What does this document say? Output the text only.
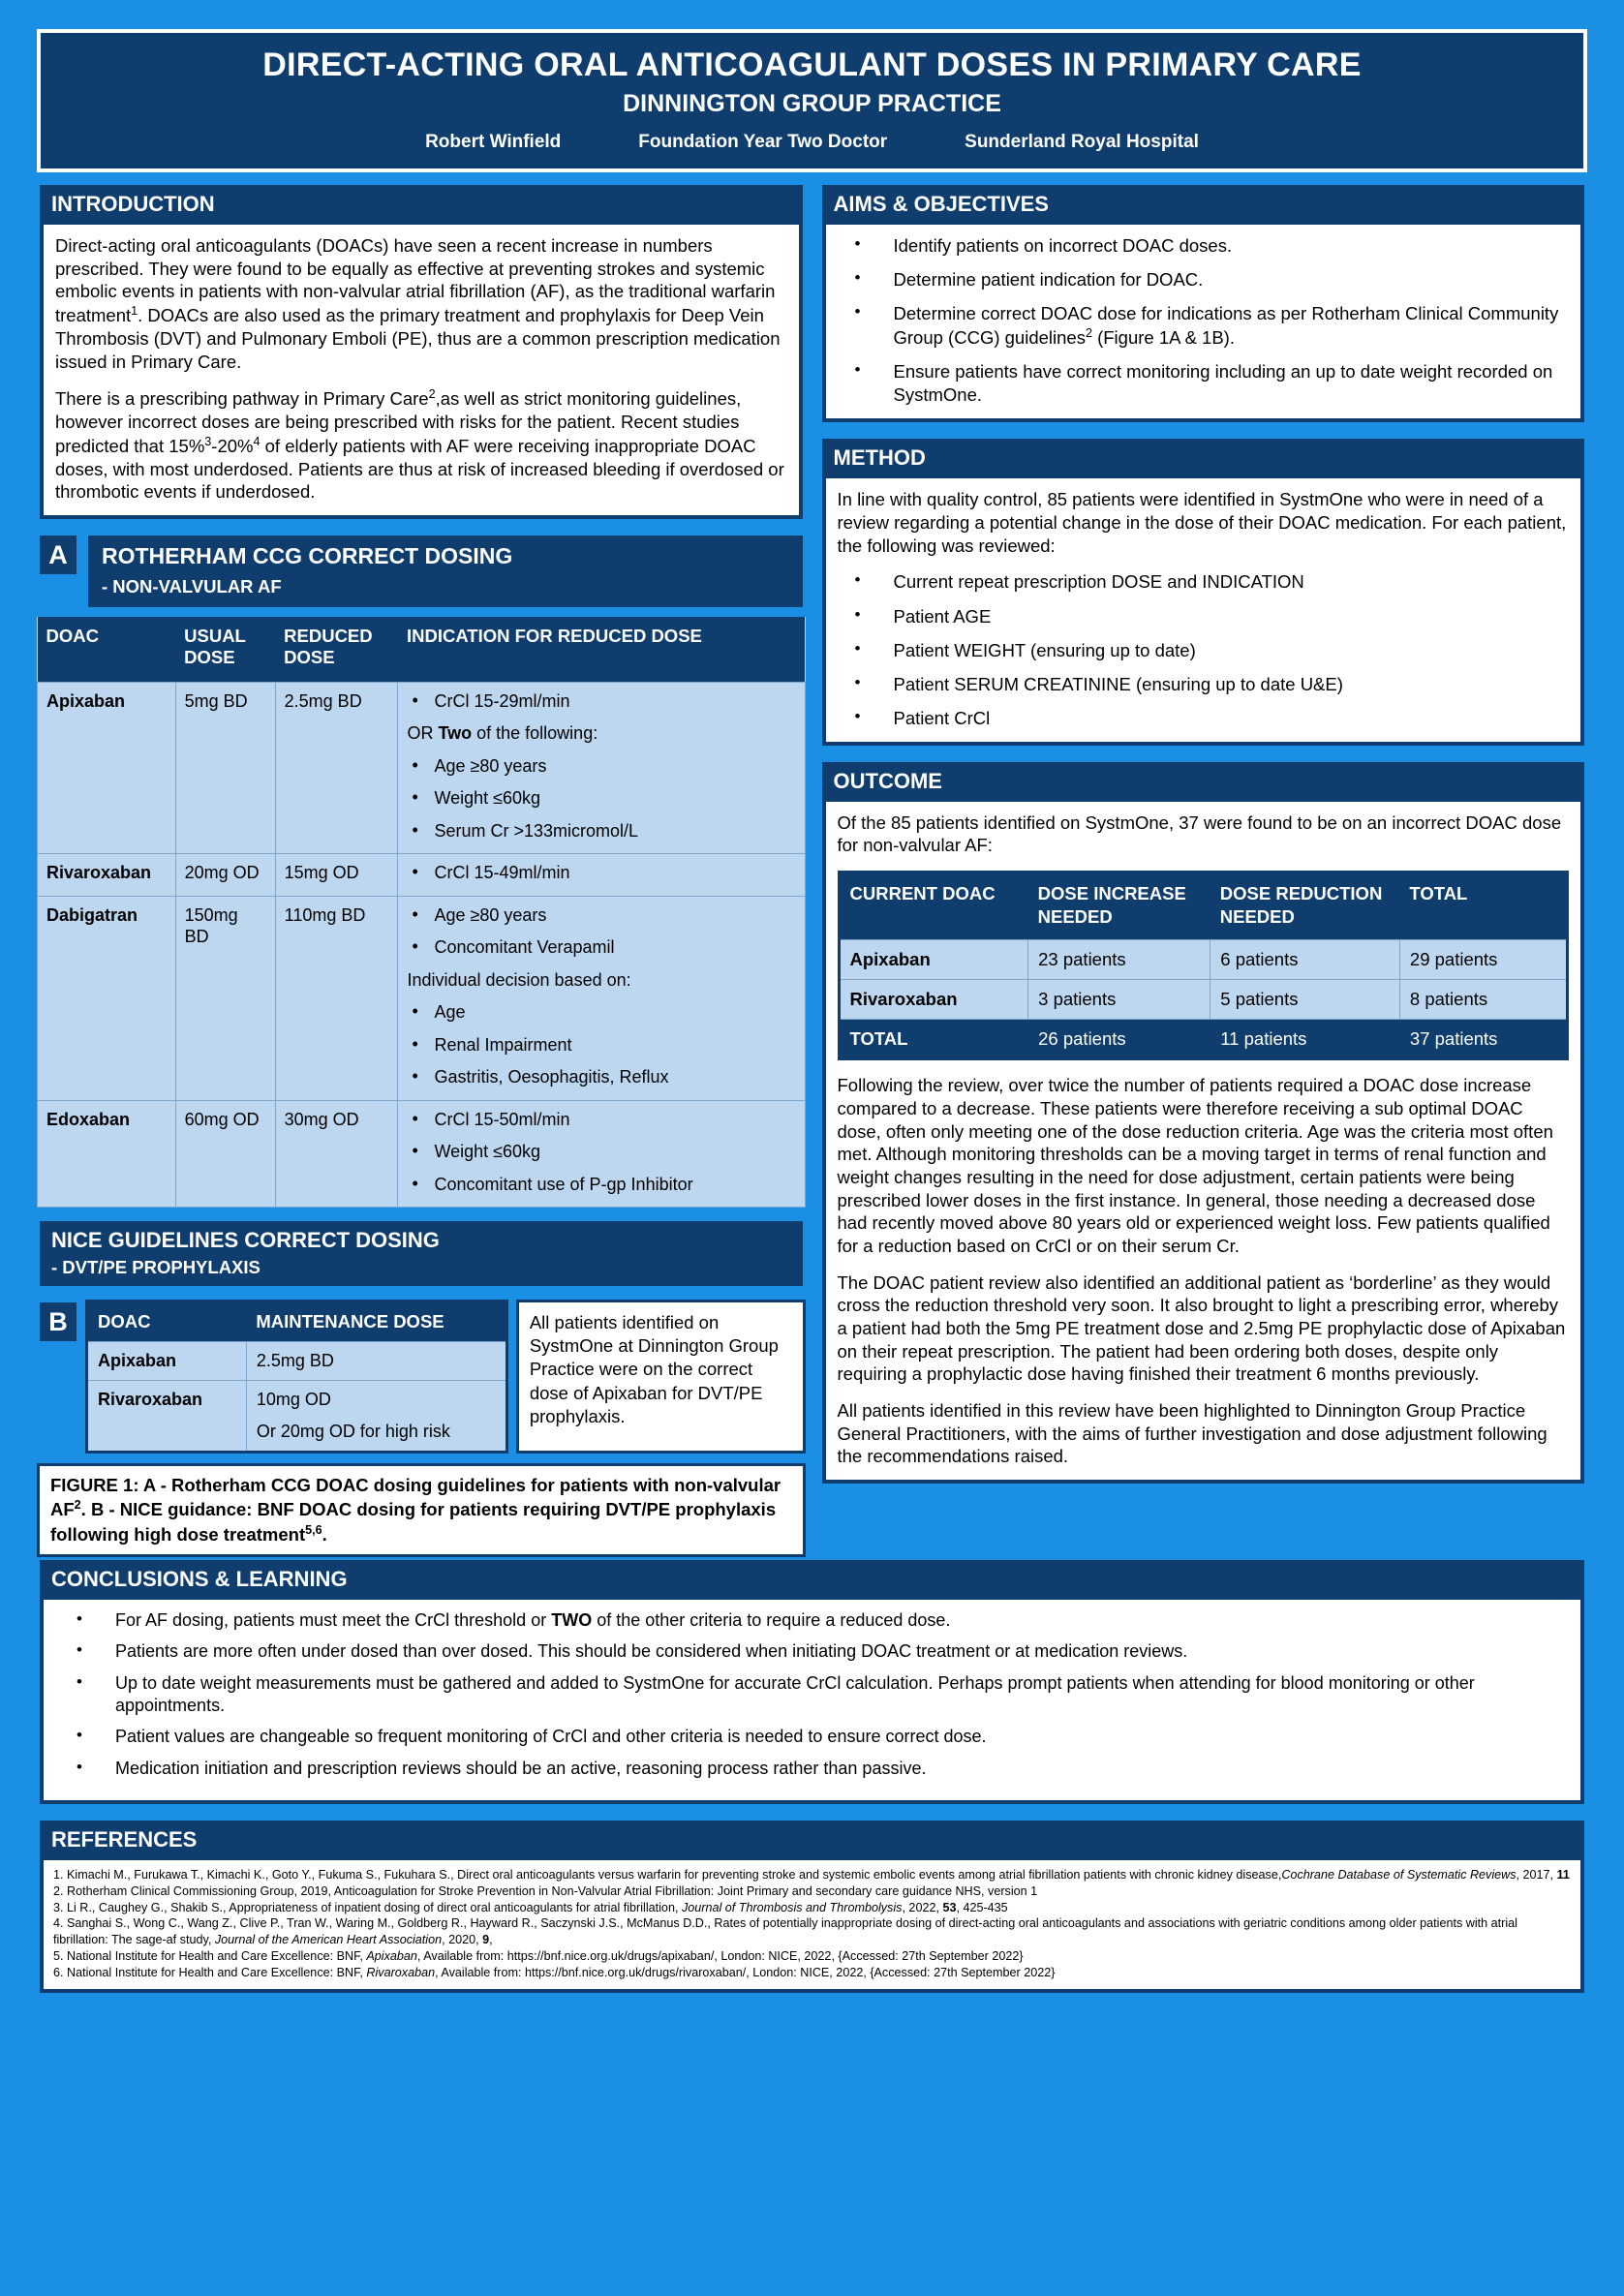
DIRECT-ACTING ORAL ANTICOAGULANT DOSES IN PRIMARY CARE
DINNINGTON GROUP PRACTICE
Robert Winfield	Foundation Year Two Doctor	Sunderland Royal Hospital
INTRODUCTION

Direct-acting oral anticoagulants (DOACs) have seen a recent increase in numbers prescribed. They were found to be equally as effective at preventing strokes and systemic embolic events in patients with non-valvular atrial fibrillation (AF), as the traditional warfarin treatment$^1$. DOACs are also used as the primary treatment and prophylaxis for Deep Vein Thrombosis (DVT) and Pulmonary Emboli (PE), thus are a common prescription medication issued in Primary Care.

There is a prescribing pathway in Primary Care$^2$,as well as strict monitoring guidelines, however incorrect doses are being prescribed with risks for the patient. Recent studies predicted that 15%$^3$-20%$^4$ of elderly patients with AF were receiving inappropriate DOAC doses, with most underdosed. Patients are thus at risk of increased bleeding if overdosed or thrombotic events if underdosed.

A	ROTHERHAM CCG CORRECT DOSING
- NON-VALVULAR AF
DOAC	USUAL DOSE	REDUCED DOSE	INDICATION FOR REDUCED DOSE
Apixaban	5mg BD	2.5mg BD	
•CrCl 15-29ml/min
OR Two of the following:
• Age ≥80 years
• Weight ≤60kg
• Serum Cr >133micromol/L

Rivaroxaban	20mg OD	15mg OD	
•CrCl 15-49ml/min

Dabigatran	150mg BD	110mg BD	
•Age ≥80 years
• Concomitant Verapamil
Individual decision based on:
• Age
• Renal Impairment
• Gastritis, Oesophagitis, Reflux

Edoxaban	60mg OD	30mg OD	
•CrCl 15-50ml/min
• Weight ≤60kg
• Concomitant use of P-gp Inhibitor
NICE GUIDELINES CORRECT DOSING
- DVT/PE PROPHYLAXIS
B	DOAC	MAINTENANCE DOSE
Apixaban	2.5mg BD

Rivaroxaban	10mg OD
Or 20mg OD for high risk
All patients identified on SystmOne at Dinnington Group Practice were on the correct dose of Apixaban for DVT/PE prophylaxis.
FIGURE 1: A - Rotherham CCG DOAC dosing guidelines for patients with non-valvular $AF^2$. B - NICE guidance: BNF DOAC dosing for patients requiring DVT/PE prophylaxis following high dose treatment$^{5,6}$.
AIMS & OBJECTIVES
• Identify patients on incorrect DOAC doses.
• Determine patient indication for DOAC.
• Determine correct DOAC dose for indications as per Rotherham Clinical Community Group (CCG) guidelines$^2$ (Figure 1A & 1B).
• Ensure patients have correct monitoring including an up to date weight recorded on SystmOne.
METHOD

In line with quality control, 85 patients were identified in SystmOne who were in need of a review regarding a potential change in the dose of their DOAC medication. For each patient, the following was reviewed:

• Current repeat prescription DOSE and INDICATION
• Patient AGE
• Patient WEIGHT (ensuring up to date)
• Patient SERUM CREATININE (ensuring up to date U&E)
• Patient CrCl
OUTCOME

Of the 85 patients identified on SystmOne, 37 were found to be on an incorrect DOAC dose for non-valvular AF:

CURRENT DOAC	DOSE INCREASE NEEDED	DOSE REDUCTION NEEDED	TOTAL
Apixaban	23 patients	6 patients	29 patients
Rivaroxaban	3 patients	5 patients	8 patients
TOTAL	26 patients	11 patients	37 patients

Following the review, over twice the number of patients required a DOAC dose increase compared to a decrease. These patients were therefore receiving a sub optimal DOAC dose, often only meeting one of the dose reduction criteria. Age was the criteria most often met. Although monitoring thresholds can be a moving target in terms of renal function and weight changes resulting in the need for dose adjustment, certain patients were being prescribed lower doses in the first instance. In general, those needing a decreased dose had recently moved above 80 years old or experienced weight loss. Few patients qualified for a reduction based on CrCl or on their serum Cr.

The DOAC patient review also identified an additional patient as ‘borderline’ as they would cross the reduction threshold very soon. It also brought to light a prescribing error, whereby a patient had both the 5mg PE treatment dose and 2.5mg PE prophylactic dose of Apixaban on their repeat prescription. The patient had been ordering both doses, despite only requiring a prophylactic dose having finished their treatment 6 months previously.

All patients identified in this review have been highlighted to Dinnington Group Practice General Practitioners, with the aims of further investigation and dose adjustment following the recommendations raised.

CONCLUSIONS & LEARNING
• For AF dosing, patients must meet the CrCl threshold or TWO of the other criteria to require a reduced dose.
• Patients are more often under dosed than over dosed. This should be considered when initiating DOAC treatment or at medication reviews.
• Up to date weight measurements must be gathered and added to SystmOne for accurate CrCl calculation. Perhaps prompt patients when attending for blood monitoring or other appointments.
• Patient values are changeable so frequent monitoring of CrCl and other criteria is needed to ensure correct dose.
• Medication initiation and prescription reviews should be an active, reasoning process rather than passive.
REFERENCES
1. Kimachi M., Furukawa T., Kimachi K., Goto Y., Fukuma S., Fukuhara S., Direct oral anticoagulants versus warfarin for preventing stroke and systemic embolic events among atrial fibrillation patients with chronic kidney disease,Cochrane Database of Systematic Reviews, 2017, 11
2. Rotherham Clinical Commissioning Group, 2019, Anticoagulation for Stroke Prevention in Non-Valvular Atrial Fibrillation: Joint Primary and secondary care guidance NHS, version 1
3. Li R., Caughey G., Shakib S., Appropriateness of inpatient dosing of direct oral anticoagulants for atrial fibrillation, Journal of Thrombosis and Thrombolysis, 2022, 53, 425-435
4. Sanghai S., Wong C., Wang Z., Clive P., Tran W., Waring M., Goldberg R., Hayward R., Saczynski J.S., McManus D.D., Rates of potentially inappropriate dosing of direct-acting oral anticoagulants and associations with geriatric conditions among older patients with atrial fibrillation: The sage-af study, Journal of the American Heart Association, 2020, 9,
5. National Institute for Health and Care Excellence: BNF, Apixaban, Available from: https://bnf.nice.org.uk/drugs/apixaban/, London: NICE, 2022, {Accessed: 27th September 2022}
6. National Institute for Health and Care Excellence: BNF, Rivaroxaban, Available from: https://bnf.nice.org.uk/drugs/rivaroxaban/, London: NICE, 2022, {Accessed: 27th September 2022}
